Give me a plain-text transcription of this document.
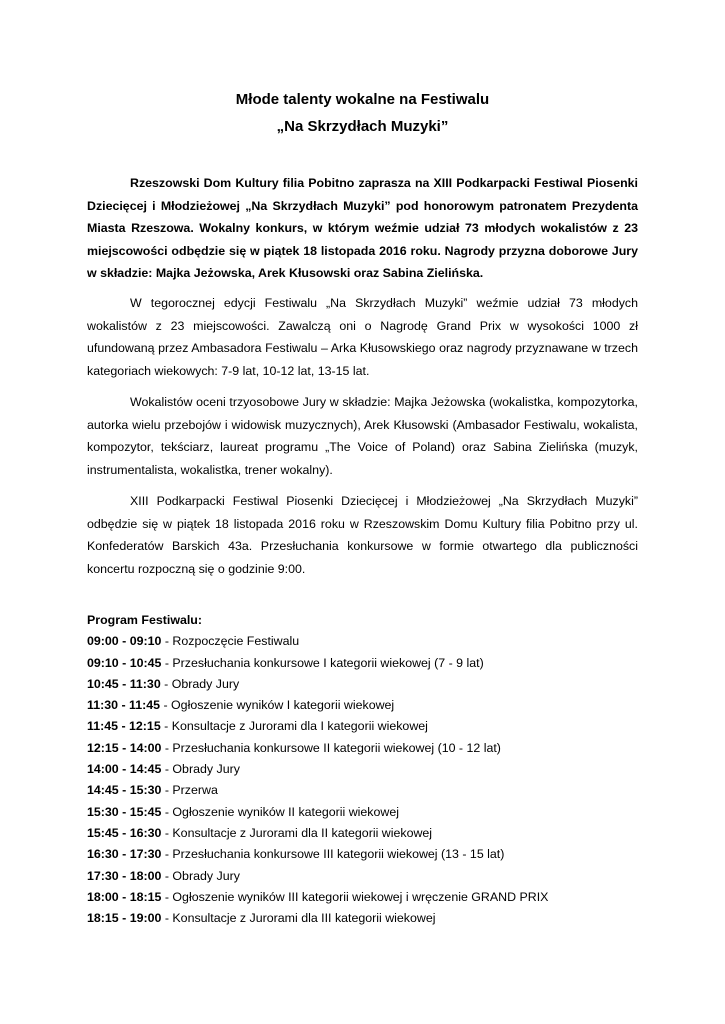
Młode talenty wokalne na Festiwalu
„Na Skrzydłach Muzyki”

Rzeszowski Dom Kultury filia Pobitno zaprasza na XIII Podkarpacki Festiwal Piosenki Dziecięcej i Młodzieżowej „Na Skrzydłach Muzyki” pod honorowym patronatem Prezydenta Miasta Rzeszowa. Wokalny konkurs, w którym weźmie udział 73 młodych wokalistów z 23 miejscowości odbędzie się w piątek 18 listopada 2016 roku. Nagrody przyzna doborowe Jury w składzie: Majka Jeżowska, Arek Kłusowski oraz Sabina Zielińska.

W tegorocznej edycji Festiwalu „Na Skrzydłach Muzyki” weźmie udział 73 młodych wokalistów z 23 miejscowości. Zawalczą oni o Nagrodę Grand Prix w wysokości 1000 zł ufundowaną przez Ambasadora Festiwalu – Arka Kłusowskiego oraz nagrody przyznawane w trzech kategoriach wiekowych: 7-9 lat, 10-12 lat, 13-15 lat.

Wokalistów oceni trzyosobowe Jury w składzie: Majka Jeżowska (wokalistka, kompozytorka, autorka wielu przebojów i widowisk muzycznych), Arek Kłusowski (Ambasador Festiwalu, wokalista, kompozytor, tekściarz, laureat programu „The Voice of Poland) oraz Sabina Zielińska (muzyk, instrumentalista, wokalistka, trener wokalny).

XIII Podkarpacki Festiwal Piosenki Dziecięcej i Młodzieżowej „Na Skrzydłach Muzyki” odbędzie się w piątek 18 listopada 2016 roku w Rzeszowskim Domu Kultury filia Pobitno przy ul. Konfederatów Barskich 43a. Przesłuchania konkursowe w formie otwartego dla publiczności koncertu rozpoczną się o godzinie 9:00.

Program Festiwalu:
09:00 - 09:10 - Rozpoczęcie Festiwalu
09:10 - 10:45 - Przesłuchania konkursowe I kategorii wiekowej (7 - 9 lat)
10:45 - 11:30 - Obrady Jury
11:30 - 11:45 - Ogłoszenie wyników I kategorii wiekowej
11:45 - 12:15 - Konsultacje z Jurorami dla I kategorii wiekowej
12:15 - 14:00 - Przesłuchania konkursowe II kategorii wiekowej (10 - 12 lat)
14:00 - 14:45 - Obrady Jury
14:45 - 15:30 - Przerwa
15:30 - 15:45 - Ogłoszenie wyników II kategorii wiekowej
15:45 - 16:30 - Konsultacje z Jurorami dla II kategorii wiekowej
16:30 - 17:30 - Przesłuchania konkursowe III kategorii wiekowej (13 - 15 lat)
17:30 - 18:00 - Obrady Jury
18:00 - 18:15 - Ogłoszenie wyników III kategorii wiekowej i wręczenie GRAND PRIX
18:15 - 19:00 - Konsultacje z Jurorami dla III kategorii wiekowej
